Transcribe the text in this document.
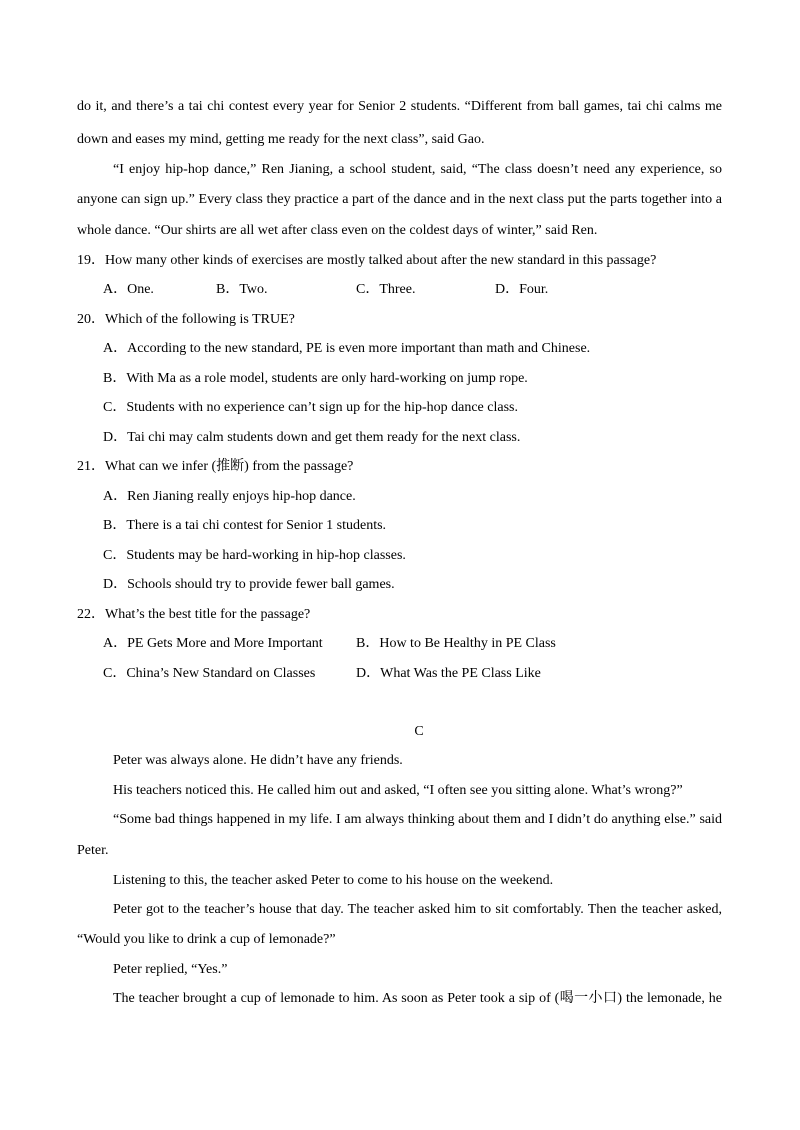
do it, and there’s a tai chi contest every year for Senior 2 students. “Different from ball games, tai chi calms me
down and eases my mind, getting me ready for the next class”, said Gao.
“I enjoy hip-hop dance,” Ren Jianing, a school student, said, “The class doesn’t need any experience, so
anyone can sign up.” Every class they practice a part of the dance and in the next class put the parts together into a
whole dance. “Our shirts are all wet after class even on the coldest days of winter,” said Ren.
19．How many other kinds of exercises are mostly talked about after the new standard in this passage?
A．One.	B．Two.	C．Three.	D．Four.
20．Which of the following is TRUE?
A．According to the new standard, PE is even more important than math and Chinese.
B．With Ma as a role model, students are only hard-working on jump rope.
C．Students with no experience can’t sign up for the hip-hop dance class.
D．Tai chi may calm students down and get them ready for the next class.
21．What can we infer (推断) from the passage?
A．Ren Jianing really enjoys hip-hop dance.
B．There is a tai chi contest for Senior 1 students.
C．Students may be hard-working in hip-hop classes.
D．Schools should try to provide fewer ball games.
22．What’s the best title for the passage?
A．PE Gets More and More Important B．How to Be Healthy in PE Class
C．China’s New Standard on Classes	D．What Was the PE Class Like
C
Peter was always alone. He didn’t have any friends.
His teachers noticed this. He called him out and asked, “I often see you sitting alone. What’s wrong?”
“Some bad things happened in my life. I am always thinking about them and I didn’t do anything else.” said
Peter.
Listening to this, the teacher asked Peter to come to his house on the weekend.
Peter got to the teacher’s house that day. The teacher asked him to sit comfortably. Then the teacher asked,
“Would you like to drink a cup of lemonade?”
Peter replied, “Yes.”
The teacher brought a cup of lemonade to him. As soon as Peter took a sip of (喝一小口) the lemonade, he
